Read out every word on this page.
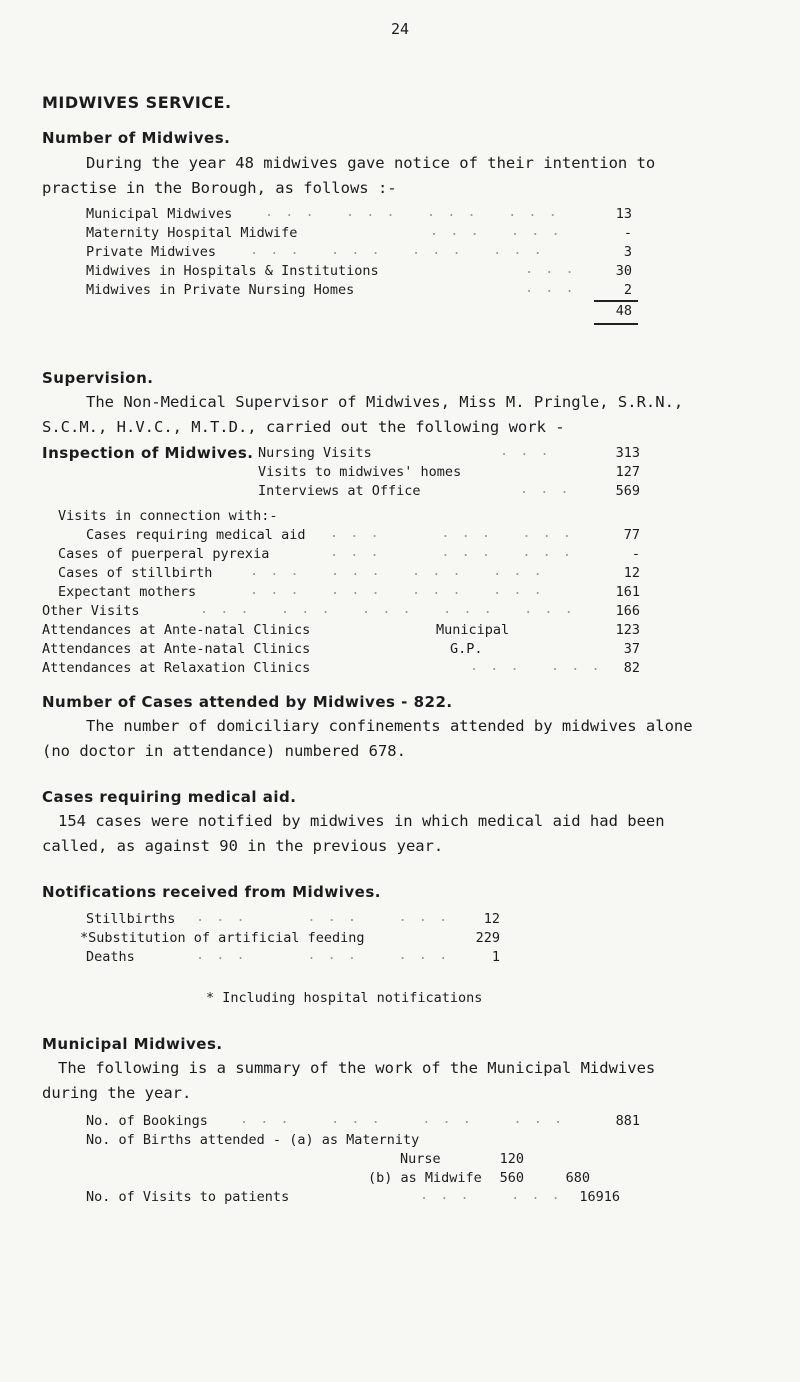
24
MIDWIVES SERVICE.
Number of Midwives.
During the year 48 midwives gave notice of their intention to
practise in the Borough, as follows :-
Municipal Midwives . . .   . . .   . . .   . . .	13
Maternity Hospital Midwife	. . .   . . .	-
Private Midwives	. . .   . . .   . . .   . . .	3
Midwives in Hospitals & Institutions	. . .	30
Midwives in Private Nursing Homes	. . .	2
48
Supervision.
The Non-Medical Supervisor of Midwives, Miss M. Pringle, S.R.N.,
S.C.M., H.V.C., M.T.D., carried out the following work -
Inspection of Midwives. Nursing Visits	. . .	313
Visits to midwives' homes	127
Interviews at Office	. . .	569
Visits in connection with:-
Cases requiring medical aid . . .      . . .   . . .	77
Cases of puerperal pyrexia	. . .      . . .   . . .	-
Cases of stillbirth	. . .   . . .   . . .   . . .	12
Expectant mothers	. . .   . . .   . . .   . . .	161
Other Visits	. . .   . . .   . . .   . . .   . . .	166
Attendances at Ante-natal Clinics	Municipal	123
Attendances at Ante-natal Clinics	G.P.	37
Attendances at Relaxation Clinics	. . .   . . .	82
Number of Cases attended by Midwives - 822.
The number of domiciliary confinements attended by midwives alone
(no doctor in attendance) numbered 678.
Cases requiring medical aid.
154 cases were notified by midwives in which medical aid had been
called, as against 90 in the previous year.
Notifications received from Midwives.
Stillbirths . . .      . . .    . . .	12
*Substitution of artificial feeding	229
Deaths	. . .      . . .    . . .	1
* Including hospital notifications
Municipal Midwives.
The following is a summary of the work of the Municipal Midwives
during the year.
No. of Bookings . . .    . . .    . . .    . . .	881
No. of Births attended - (a) as Maternity
Nurse	120
(b) as Midwife	560	680
No. of Visits to patients	. . .    . . .	16916
